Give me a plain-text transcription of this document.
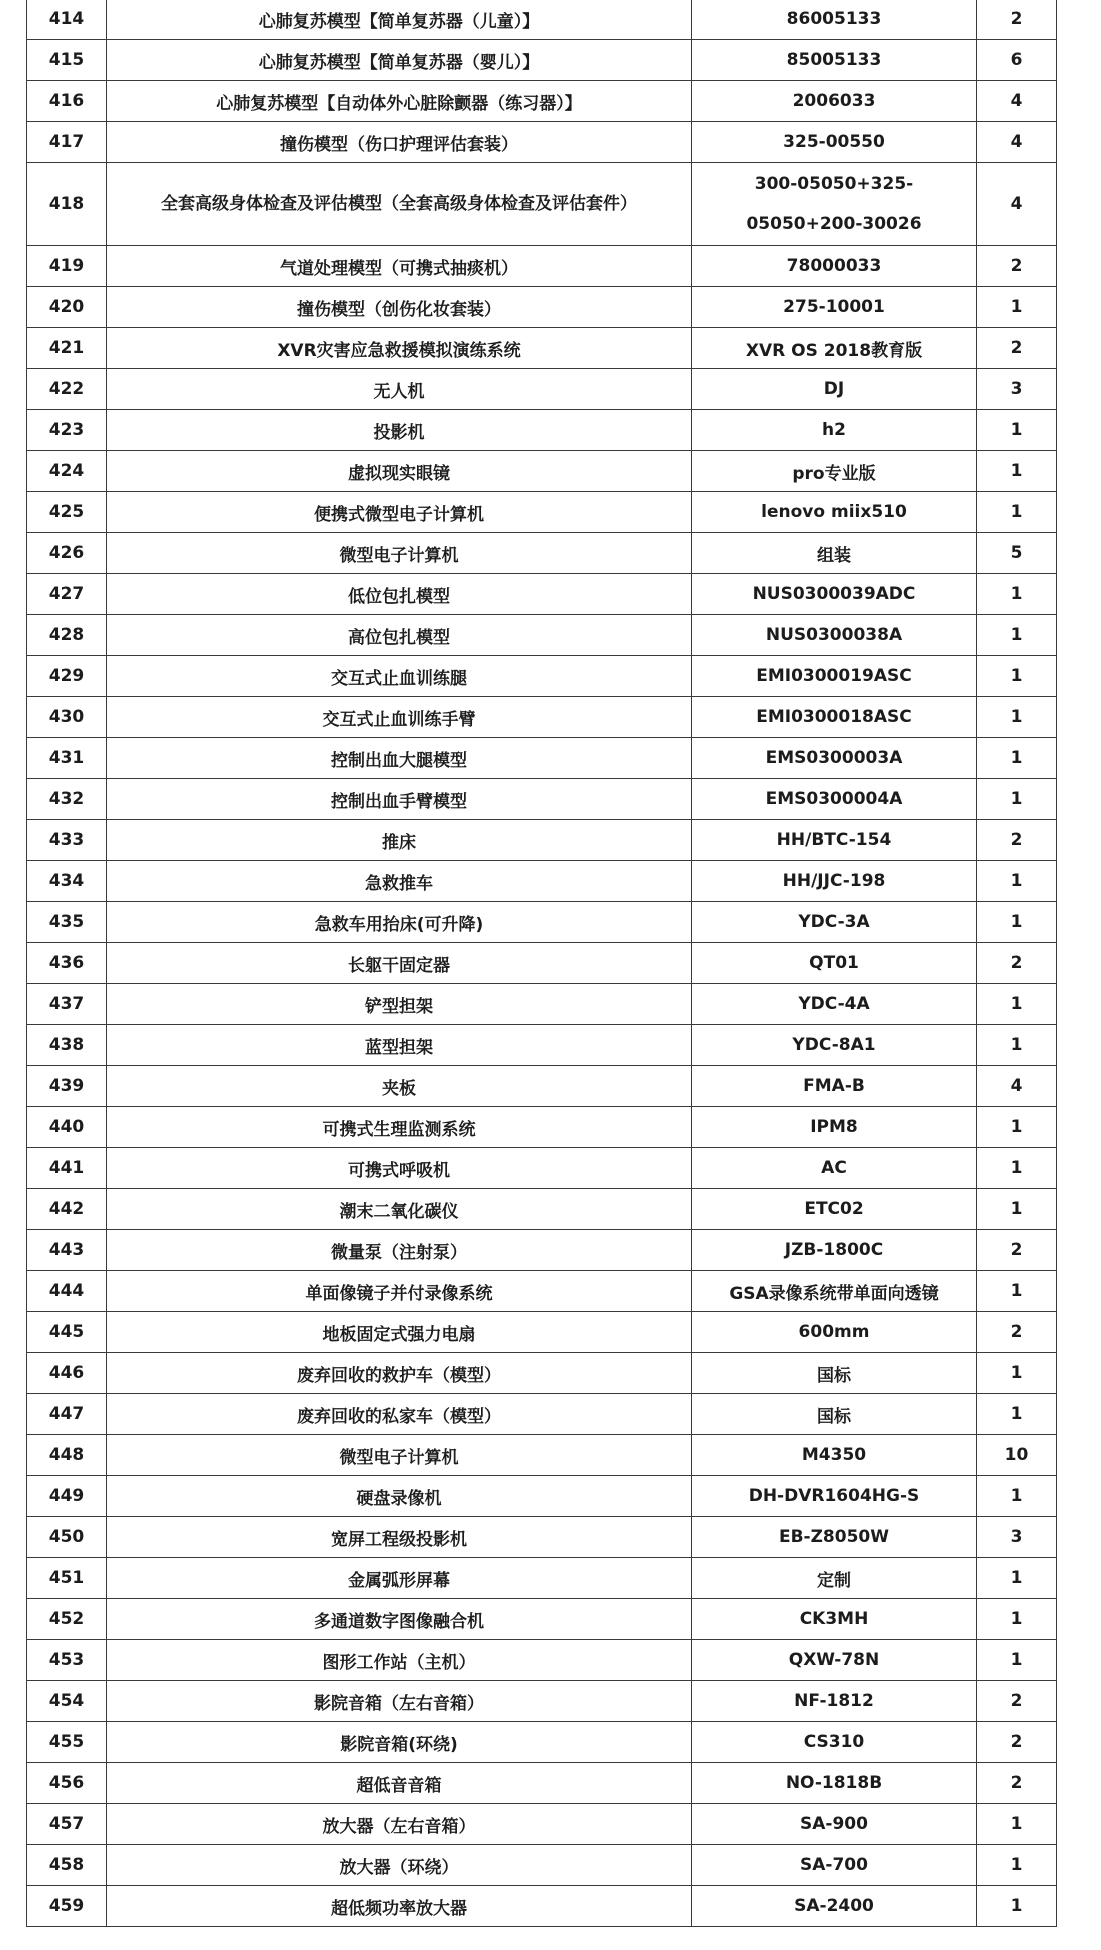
414	心肺复苏模型【简单复苏器（儿童）】	86005133	2
415	心肺复苏模型【简单复苏器（婴儿）】	85005133	6
416	心肺复苏模型【自动体外心脏除颤器（练习器）】	2006033	4
417	撞伤模型（伤口护理评估套装）	325-00550	4
418	全套高级身体检查及评估模型（全套高级身体检查及评估套件）	300-05050+325-05050+200-30026	4
419	气道处理模型（可携式抽痰机）	78000033	2
420	撞伤模型（创伤化妆套装）	275-10001	1
421	XVR灾害应急救援模拟演练系统	XVR OS 2018教育版	2
422	无人机	DJ	3
423	投影机	h2	1
424	虚拟现实眼镜	pro专业版	1
425	便携式微型电子计算机	lenovo miix510	1
426	微型电子计算机	组装	5
427	低位包扎模型	NUS0300039ADC	1
428	高位包扎模型	NUS0300038A	1
429	交互式止血训练腿	EMI0300019ASC	1
430	交互式止血训练手臂	EMI0300018ASC	1
431	控制出血大腿模型	EMS0300003A	1
432	控制出血手臂模型	EMS0300004A	1
433	推床	HH/BTC-154	2
434	急救推车	HH/JJC-198	1
435	急救车用抬床(可升降)	YDC-3A	1
436	长躯干固定器	QT01	2
437	铲型担架	YDC-4A	1
438	蓝型担架	YDC-8A1	1
439	夹板	FMA-B	4
440	可携式生理监测系统	IPM8	1
441	可携式呼吸机	AC	1
442	潮末二氧化碳仪	ETC02	1
443	微量泵（注射泵）	JZB-1800C	2
444	单面像镜子并付录像系统	GSA录像系统带单面向透镜	1
445	地板固定式强力电扇	600mm	2
446	废弃回收的救护车（模型）	国标	1
447	废弃回收的私家车（模型）	国标	1
448	微型电子计算机	M4350	10
449	硬盘录像机	DH-DVR1604HG-S	1
450	宽屏工程级投影机	EB-Z8050W	3
451	金属弧形屏幕	定制	1
452	多通道数字图像融合机	CK3MH	1
453	图形工作站（主机）	QXW-78N	1
454	影院音箱（左右音箱）	NF-1812	2
455	影院音箱(环绕)	CS310	2
456	超低音音箱	NO-1818B	2
457	放大器（左右音箱）	SA-900	1
458	放大器（环绕）	SA-700	1
459	超低频功率放大器	SA-2400	1
